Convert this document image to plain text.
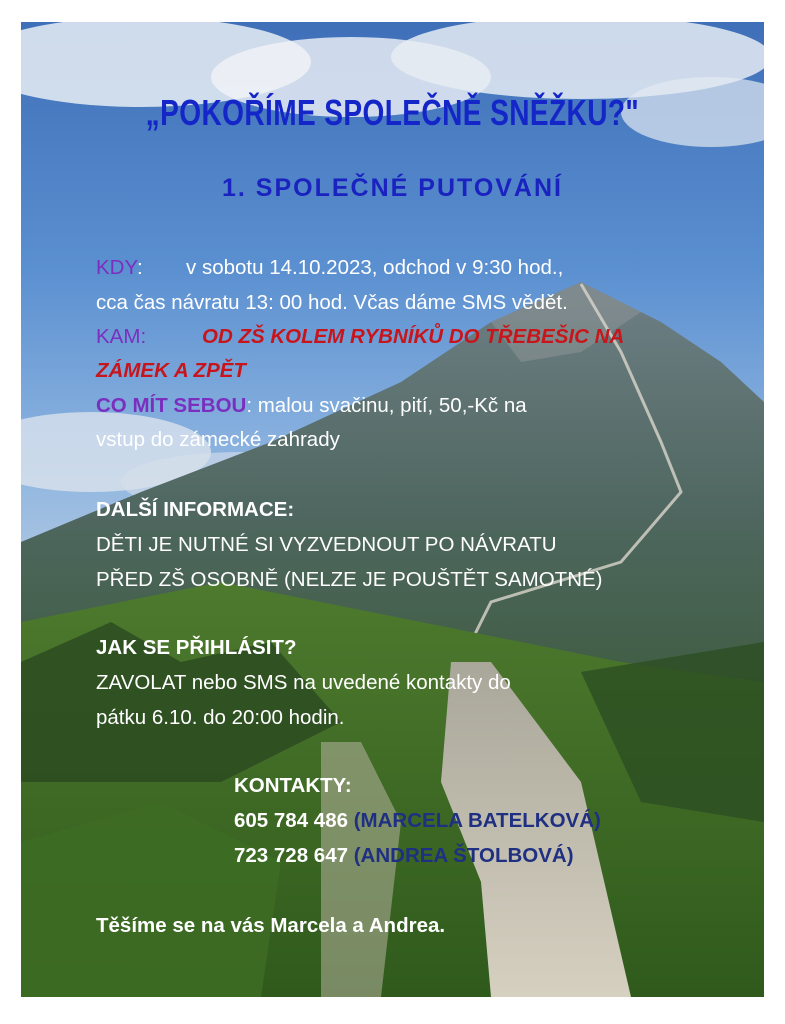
„POKOŘÍME SPOLEČNĚ SNĚŽKU?"
1. SPOLEČNÉ PUTOVÁNÍ
KDY: v sobotu 14.10.2023, odchod v 9:30 hod.,
cca čas návratu 13: 00 hod. Včas dáme SMS vědět.
KAM:	OD ZŠ KOLEM RYBNÍKŮ DO TŘEBEŠIC NA
ZÁMEK A ZPĚT
CO MÍT SEBOU: malou svačinu, pití, 50,-Kč na
vstup do zámecké zahrady
DALŠÍ INFORMACE:
DĚTI JE NUTNÉ SI VYZVEDNOUT PO NÁVRATU
PŘED ZŠ OSOBNĚ (NELZE JE POUŠTĚT SAMOTNÉ)
JAK SE PŘIHLÁSIT?
ZAVOLAT nebo SMS na uvedené kontakty do
pátku 6.10. do 20:00 hodin.
KONTAKTY:
605 784 486 (MARCELA BATELKOVÁ)
723 728 647 (ANDREA ŠTOLBOVÁ)
Těšíme se na vás Marcela a Andrea.
